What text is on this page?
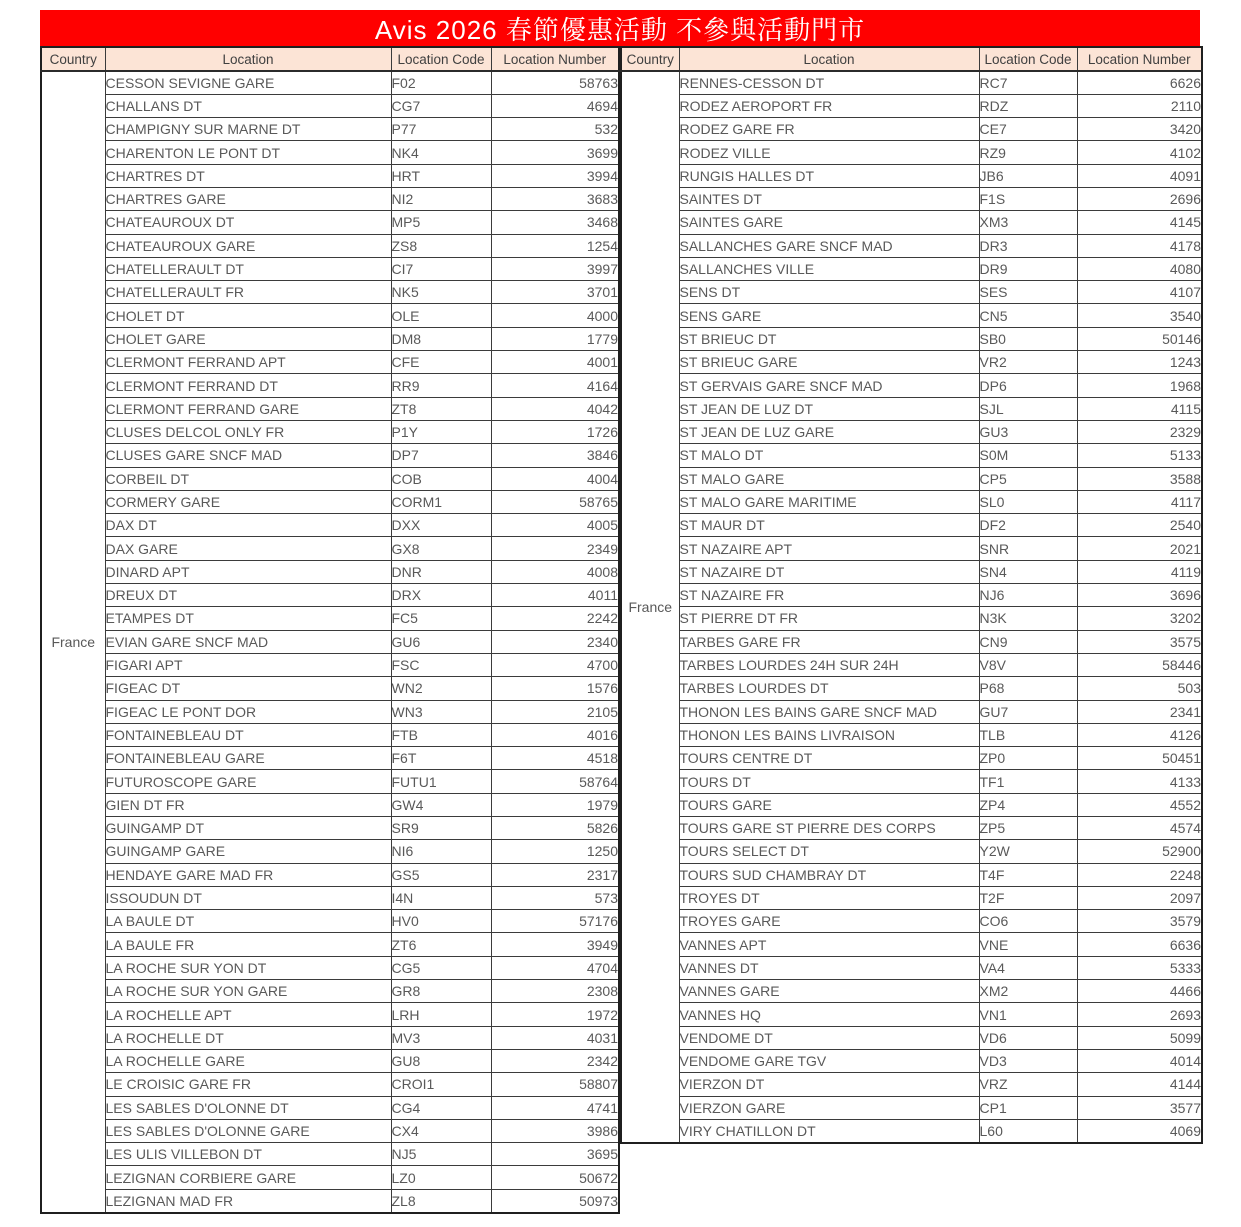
Avis 2026 春節優惠活動 不參與活動門市
Country	Location	Location Code	Location Number
France	CESSON SEVIGNE GARE	F02	58763
	CHALLANS DT	CG7	4694
	CHAMPIGNY SUR MARNE DT	P77	532
	CHARENTON LE PONT DT	NK4	3699
	CHARTRES DT	HRT	3994
	CHARTRES GARE	NI2	3683
	CHATEAUROUX DT	MP5	3468
	CHATEAUROUX GARE	ZS8	1254
	CHATELLERAULT DT	CI7	3997
	CHATELLERAULT FR	NK5	3701
	CHOLET DT	OLE	4000
	CHOLET GARE	DM8	1779
	CLERMONT FERRAND APT	CFE	4001
	CLERMONT FERRAND DT	RR9	4164
	CLERMONT FERRAND GARE	ZT8	4042
	CLUSES DELCOL ONLY FR	P1Y	1726
	CLUSES GARE SNCF MAD	DP7	3846
	CORBEIL DT	COB	4004
	CORMERY GARE	CORM1	58765
	DAX DT	DXX	4005
	DAX GARE	GX8	2349
	DINARD APT	DNR	4008
	DREUX DT	DRX	4011
	ETAMPES DT	FC5	2242
	EVIAN GARE SNCF MAD	GU6	2340
	FIGARI APT	FSC	4700
	FIGEAC DT	WN2	1576
	FIGEAC LE PONT DOR	WN3	2105
	FONTAINEBLEAU DT	FTB	4016
	FONTAINEBLEAU GARE	F6T	4518
	FUTUROSCOPE GARE	FUTU1	58764
	GIEN DT FR	GW4	1979
	GUINGAMP DT	SR9	5826
	GUINGAMP GARE	NI6	1250
	HENDAYE GARE MAD FR	GS5	2317
	ISSOUDUN DT	I4N	573
	LA BAULE DT	HV0	57176
	LA BAULE FR	ZT6	3949
	LA ROCHE SUR YON DT	CG5	4704
	LA ROCHE SUR YON GARE	GR8	2308
	LA ROCHELLE APT	LRH	1972
	LA ROCHELLE DT	MV3	4031
	LA ROCHELLE GARE	GU8	2342
	LE CROISIC GARE FR	CROI1	58807
	LES SABLES D'OLONNE DT	CG4	4741
	LES SABLES D'OLONNE GARE	CX4	3986
	LES ULIS VILLEBON DT	NJ5	3695
	LEZIGNAN CORBIERE GARE	LZ0	50672
	LEZIGNAN MAD FR	ZL8	50973
Country	Location	Location Code	Location Number
France	RENNES-CESSON DT	RC7	6626
	RODEZ AEROPORT FR	RDZ	2110
	RODEZ GARE FR	CE7	3420
	RODEZ VILLE	RZ9	4102
	RUNGIS HALLES DT	JB6	4091
	SAINTES DT	F1S	2696
	SAINTES GARE	XM3	4145
	SALLANCHES GARE SNCF MAD	DR3	4178
	SALLANCHES VILLE	DR9	4080
	SENS DT	SES	4107
	SENS GARE	CN5	3540
	ST BRIEUC DT	SB0	50146
	ST BRIEUC GARE	VR2	1243
	ST GERVAIS GARE SNCF MAD	DP6	1968
	ST JEAN DE LUZ DT	SJL	4115
	ST JEAN DE LUZ GARE	GU3	2329
	ST MALO DT	S0M	5133
	ST MALO GARE	CP5	3588
	ST MALO GARE MARITIME	SL0	4117
	ST MAUR DT	DF2	2540
	ST NAZAIRE APT	SNR	2021
	ST NAZAIRE DT	SN4	4119
	ST NAZAIRE FR	NJ6	3696
	ST PIERRE DT FR	N3K	3202
	TARBES GARE FR	CN9	3575
	TARBES LOURDES 24H SUR 24H	V8V	58446
	TARBES LOURDES DT	P68	503
	THONON LES BAINS GARE SNCF MAD	GU7	2341
	THONON LES BAINS LIVRAISON	TLB	4126
	TOURS CENTRE DT	ZP0	50451
	TOURS DT	TF1	4133
	TOURS GARE	ZP4	4552
	TOURS GARE ST PIERRE DES CORPS	ZP5	4574
	TOURS SELECT DT	Y2W	52900
	TOURS SUD CHAMBRAY DT	T4F	2248
	TROYES DT	T2F	2097
	TROYES GARE	CO6	3579
	VANNES APT	VNE	6636
	VANNES DT	VA4	5333
	VANNES GARE	XM2	4466
	VANNES HQ	VN1	2693
	VENDOME DT	VD6	5099
	VENDOME GARE TGV	VD3	4014
	VIERZON DT	VRZ	4144
	VIERZON GARE	CP1	3577
	VIRY CHATILLON DT	L60	4069
